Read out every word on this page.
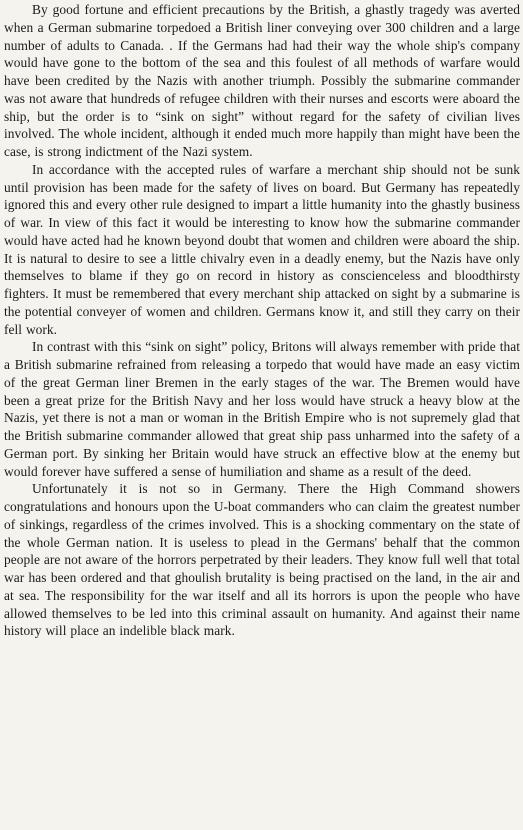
By good fortune and efficient precautions by the British, a ghastly tragedy was averted when a German submarine torpedoed a British liner conveying over 300 children and a large number of adults to Canada. . If the Germans had had their way the whole ship's company would have gone to the bottom of the sea and this foulest of all methods of warfare would have been credited by the Nazis with another triumph. Possibly the submarine commander was not aware that hundreds of refugee children with their nurses and escorts were aboard the ship, but the order is to “sink on sight” without regard for the safety of civilian lives involved. The whole incident, although it ended much more happily than might have been the case, is strong indictment of the Nazi system.

In accordance with the accepted rules of warfare a merchant ship should not be sunk until provision has been made for the safety of lives on board. But Germany has repeatedly ignored this and every other rule designed to impart a little humanity into the ghastly business of war. In view of this fact it would be interesting to know how the submarine commander would have acted had he known beyond doubt that women and children were aboard the ship. It is natural to desire to see a little chivalry even in a deadly enemy, but the Nazis have only themselves to blame if they go on record in history as conscienceless and bloodthirsty fighters. It must be remembered that every merchant ship attacked on sight by a submarine is the potential conveyer of women and children. Germans know it, and still they carry on their fell work.

In contrast with this “sink on sight” policy, Britons will always remember with pride that a British submarine refrained from releasing a torpedo that would have made an easy victim of the great German liner Bremen in the early stages of the war. The Bremen would have been a great prize for the British Navy and her loss would have struck a heavy blow at the Nazis, yet there is not a man or woman in the British Empire who is not supremely glad that the British submarine commander allowed that great ship pass unharmed into the safety of a German port. By sinking her Britain would have struck an effective blow at the enemy but would forever have suffered a sense of humiliation and shame as a result of the deed.

Unfortunately it is not so in Germany. There the High Command showers congratulations and honours upon the U-boat commanders who can claim the greatest number of sinkings, regardless of the crimes involved. This is a shocking commentary on the state of the whole German nation. It is useless to plead in the Germans' behalf that the common people are not aware of the horrors perpetrated by their leaders. They know full well that total war has been ordered and that ghoulish brutality is being practised on the land, in the air and at sea. The responsibility for the war itself and all its horrors is upon the people who have allowed themselves to be led into this criminal assault on humanity. And against their name history will place an indelible black mark.
